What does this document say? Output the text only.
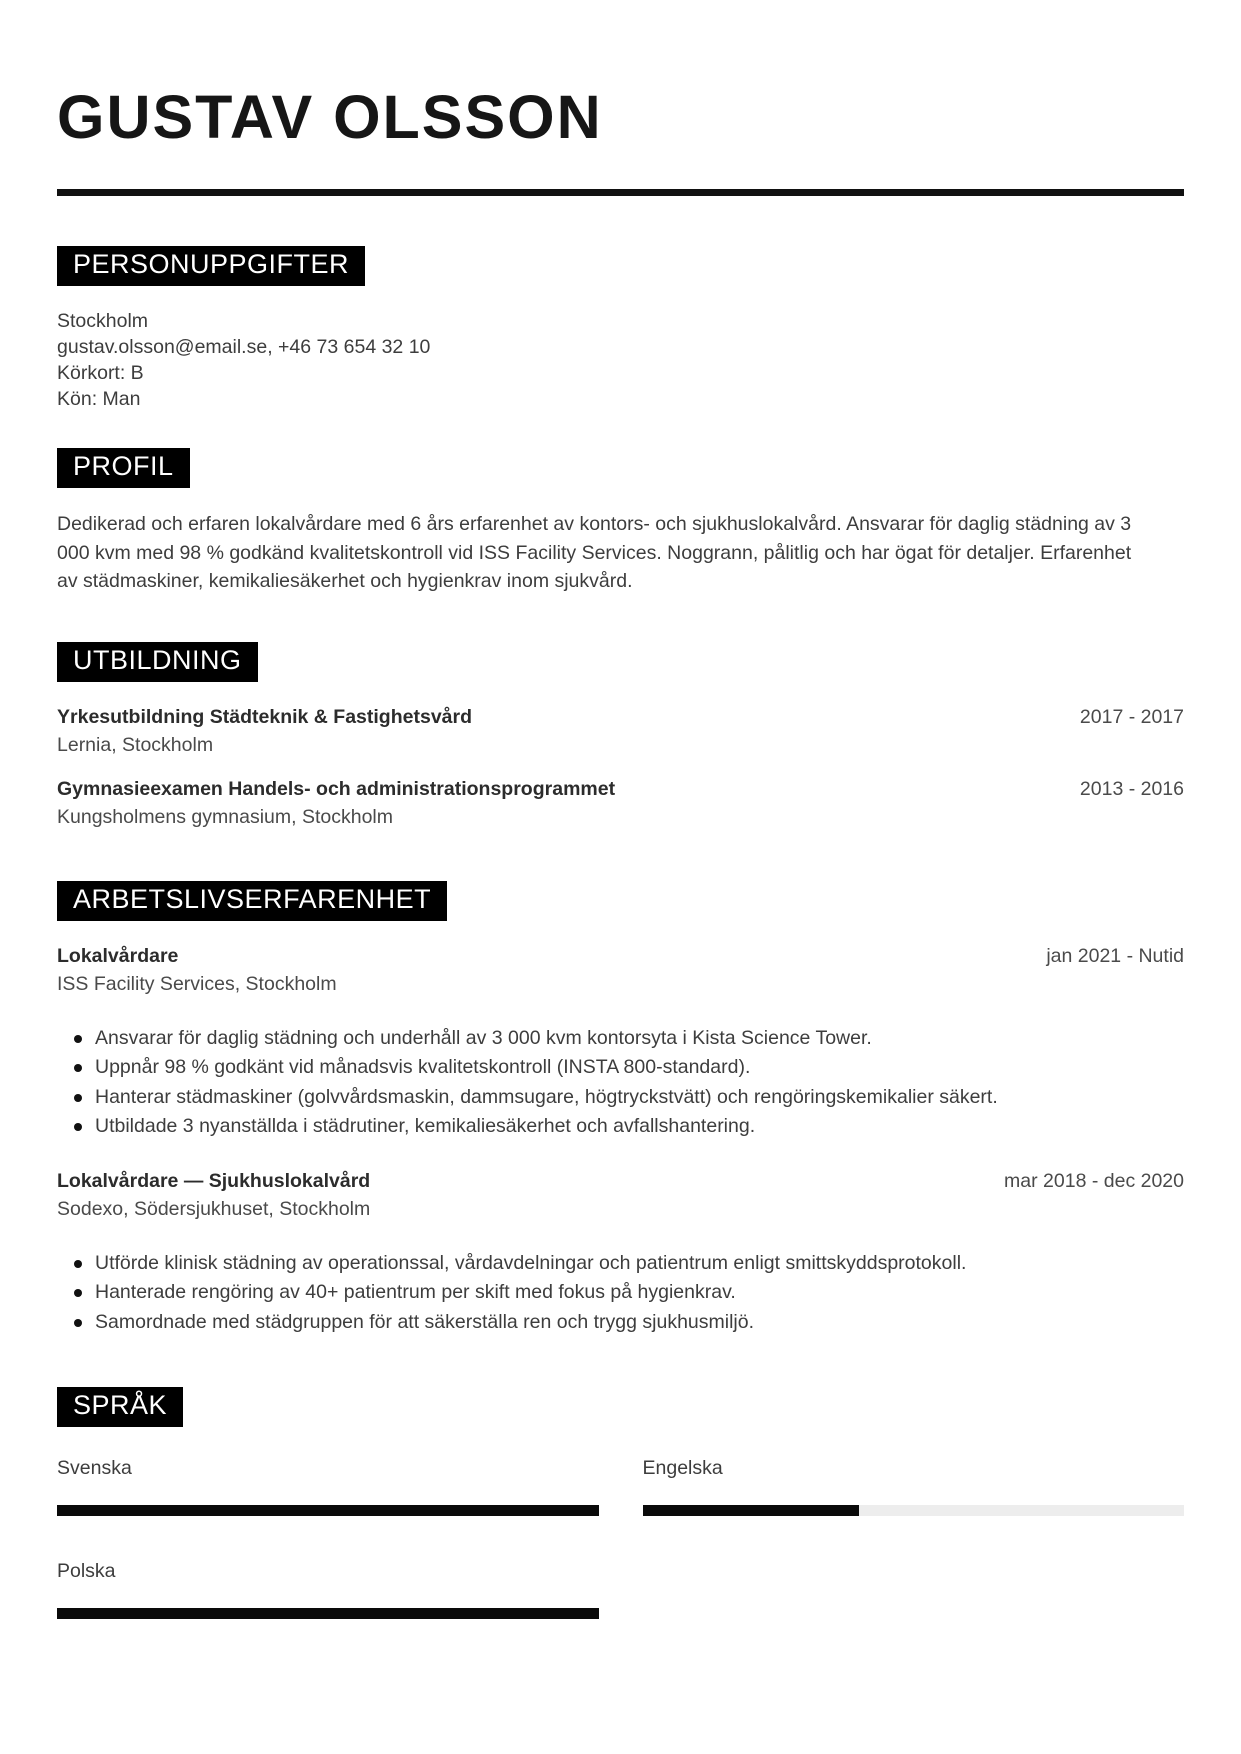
GUSTAV OLSSON
PERSONUPPGIFTER
Stockholm
gustav.olsson@email.se, +46 73 654 32 10
Körkort: B
Kön: Man
PROFIL
Dedikerad och erfaren lokalvårdare med 6 års erfarenhet av kontors- och sjukhuslokalvård. Ansvarar för daglig städning av 3 000 kvm med 98 % godkänd kvalitetskontroll vid ISS Facility Services. Noggrann, pålitlig och har ögat för detaljer. Erfarenhet av städmaskiner, kemikaliesäkerhet och hygienkrav inom sjukvård.
UTBILDNING
Yrkesutbildning Städteknik & Fastighetsvård	2017 - 2017
Lernia, Stockholm
Gymnasieexamen Handels- och administrationsprogrammet	2013 - 2016
Kungsholmens gymnasium, Stockholm
ARBETSLIVSERFARENHET
Lokalvårdare	jan 2021 - Nutid
ISS Facility Services, Stockholm
Ansvarar för daglig städning och underhåll av 3 000 kvm kontorsyta i Kista Science Tower.
Uppnår 98 % godkänt vid månadsvis kvalitetskontroll (INSTA 800-standard).
Hanterar städmaskiner (golvvårdsmaskin, dammsugare, högtryckstvätt) och rengöringskemikalier säkert.
Utbildade 3 nyanställda i städrutiner, kemikaliesäkerhet och avfallshantering.
Lokalvårdare — Sjukhuslokalvård	mar 2018 - dec 2020
Sodexo, Södersjukhuset, Stockholm
Utförde klinisk städning av operationssal, vårdavdelningar och patientrum enligt smittskyddsprotokoll.
Hanterade rengöring av 40+ patientrum per skift med fokus på hygienkrav.
Samordnade med städgruppen för att säkerställa ren och trygg sjukhusmiljö.
SPRÅK
Svenska	Engelska
Polska
